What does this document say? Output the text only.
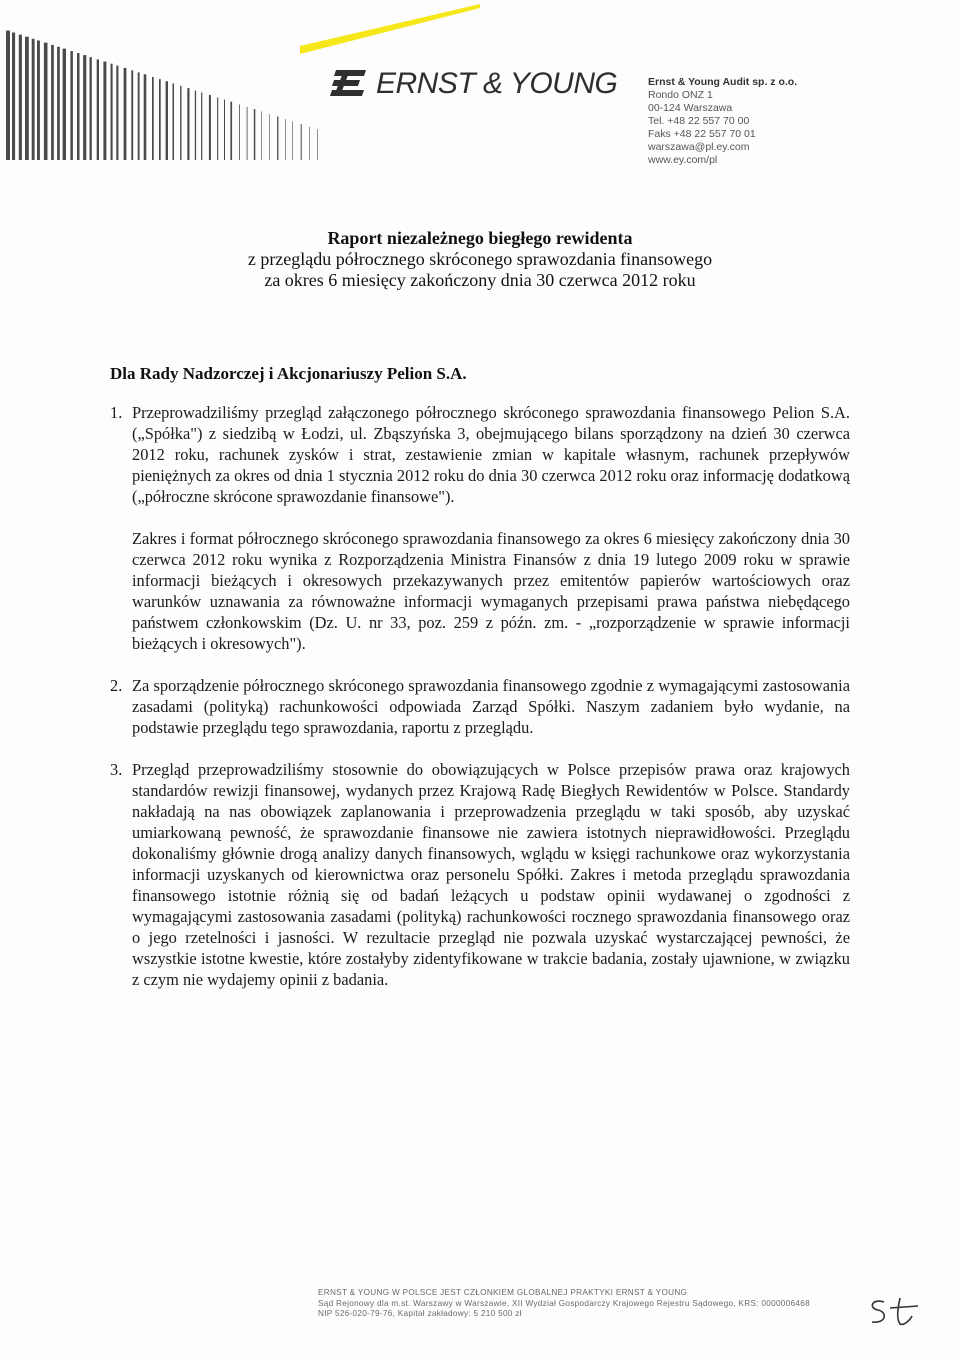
ERNST & YOUNG	Ernst & Young Audit sp. z o.o.
Rondo ONZ 1
00-124 Warszawa
Tel. +48 22 557 70 00
Faks +48 22 557 70 01
warszawa@pl.ey.com
www.ey.com/pl
Raport niezależnego biegłego rewidenta
z przeglądu półrocznego skróconego sprawozdania finansowego
za okres 6 miesięcy zakończony dnia 30 czerwca 2012 roku
Dla Rady Nadzorczej i Akcjonariuszy Pelion S.A.
1. Przeprowadziliśmy przegląd załączonego półrocznego skróconego sprawozdania finansowego Pelion S.A. („Spółka") z siedzibą w Łodzi, ul. Zbąszyńska 3, obejmującego bilans sporządzony na dzień 30 czerwca 2012 roku, rachunek zysków i strat, zestawienie zmian w kapitale własnym, rachunek przepływów pieniężnych za okres od dnia 1 stycznia 2012 roku do dnia 30 czerwca 2012 roku oraz informację dodatkową („półroczne skrócone sprawozdanie finansowe").

Zakres i format półrocznego skróconego sprawozdania finansowego za okres 6 miesięcy zakończony dnia 30 czerwca 2012 roku wynika z Rozporządzenia Ministra Finansów z dnia 19 lutego 2009 roku w sprawie informacji bieżących i okresowych przekazywanych przez emitentów papierów wartościowych oraz warunków uznawania za równoważne informacji wymaganych przepisami prawa państwa niebędącego państwem członkowskim (Dz. U. nr 33, poz. 259 z późn. zm. - „rozporządzenie w sprawie informacji bieżących i okresowych").

2. Za sporządzenie półrocznego skróconego sprawozdania finansowego zgodnie z wymagającymi zastosowania zasadami (polityką) rachunkowości odpowiada Zarząd Spółki. Naszym zadaniem było wydanie, na podstawie przeglądu tego sprawozdania, raportu z przeglądu.

3. Przegląd przeprowadziliśmy stosownie do obowiązujących w Polsce przepisów prawa oraz krajowych standardów rewizji finansowej, wydanych przez Krajową Radę Biegłych Rewidentów w Polsce. Standardy nakładają na nas obowiązek zaplanowania i przeprowadzenia przeglądu w taki sposób, aby uzyskać umiarkowaną pewność, że sprawozdanie finansowe nie zawiera istotnych nieprawidłowości. Przeglądu dokonaliśmy głównie drogą analizy danych finansowych, wglądu w księgi rachunkowe oraz wykorzystania informacji uzyskanych od kierownictwa oraz personelu Spółki. Zakres i metoda przeglądu sprawozdania finansowego istotnie różnią się od badań leżących u podstaw opinii wydawanej o zgodności z wymagającymi zastosowania zasadami (polityką) rachunkowości rocznego sprawozdania finansowego oraz o jego rzetelności i jasności. W rezultacie przegląd nie pozwala uzyskać wystarczającej pewności, że wszystkie istotne kwestie, które zostałyby zidentyfikowane w trakcie badania, zostały ujawnione, w związku z czym nie wydajemy opinii z badania.

ERNST & YOUNG W POLSCE JEST CZŁONKIEM GLOBALNEJ PRAKTYKI ERNST & YOUNG
Sąd Rejonowy dla m.st. Warszawy w Warszawie, XII Wydział Gospodarczy Krajowego Rejestru Sądowego, KRS: 0000006468
NIP 526-020-79-76, Kapitał zakładowy: 5 210 500 zł
